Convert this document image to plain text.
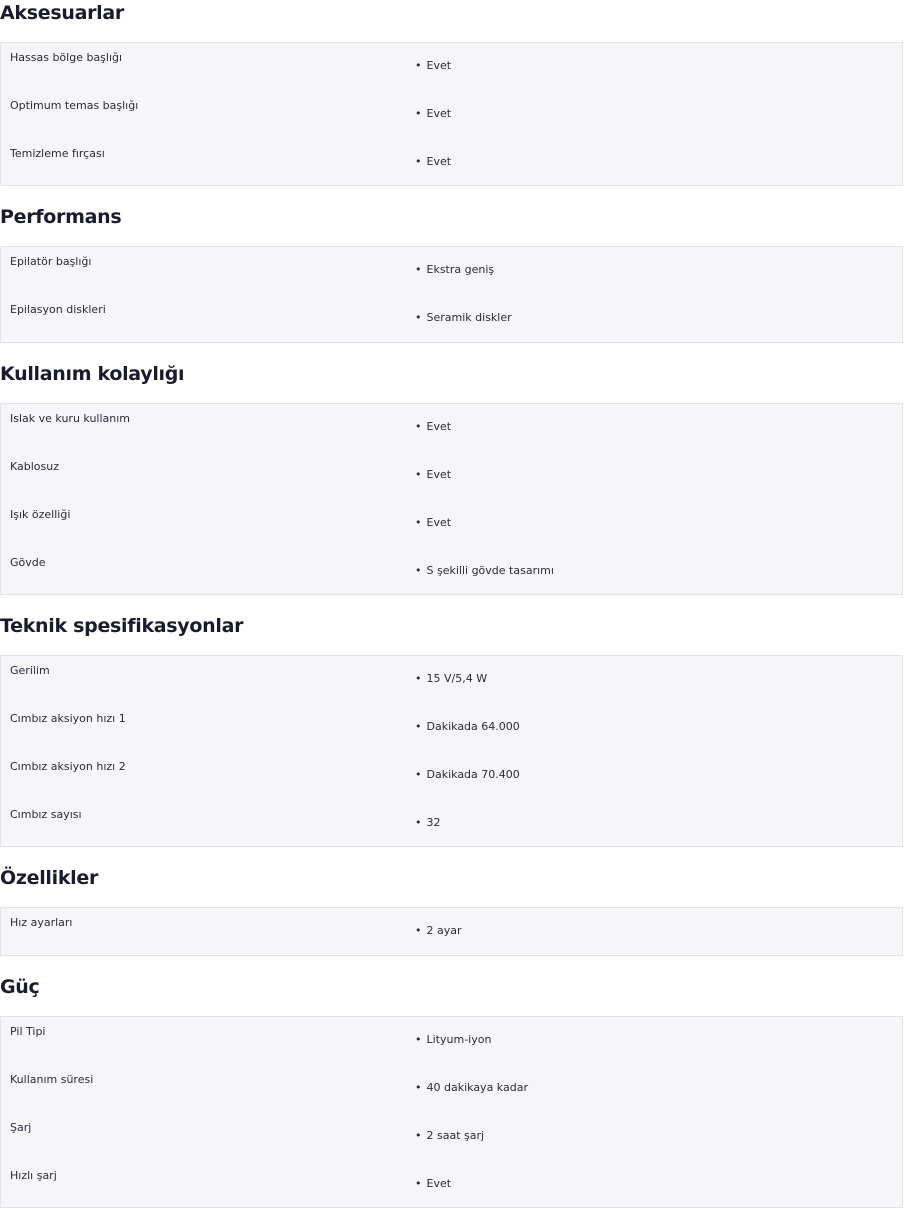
Aksesuarlar
Hassas bölge başlığı
• Evet
Optimum temas başlığı
• Evet
Temizleme fırçası
• Evet
Performans
Epilatör başlığı
• Ekstra geniş
Epilasyon diskleri
• Seramik diskler
Kullanım kolaylığı
Islak ve kuru kullanım
• Evet
Kablosuz
• Evet
Işık özelliği
• Evet
Gövde
• S şekilli gövde tasarımı
Teknik spesifikasyonlar
Gerilim
• 15 V/5,4 W
Cımbız aksiyon hızı 1
• Dakikada 64.000
Cımbız aksiyon hızı 2
• Dakikada 70.400
Cımbız sayısı
• 32
Özellikler
Hız ayarları
• 2 ayar
Güç
Pil Tipi
• Lityum-iyon
Kullanım süresi
• 40 dakikaya kadar
Şarj
• 2 saat şarj
Hızlı şarj
• Evet
